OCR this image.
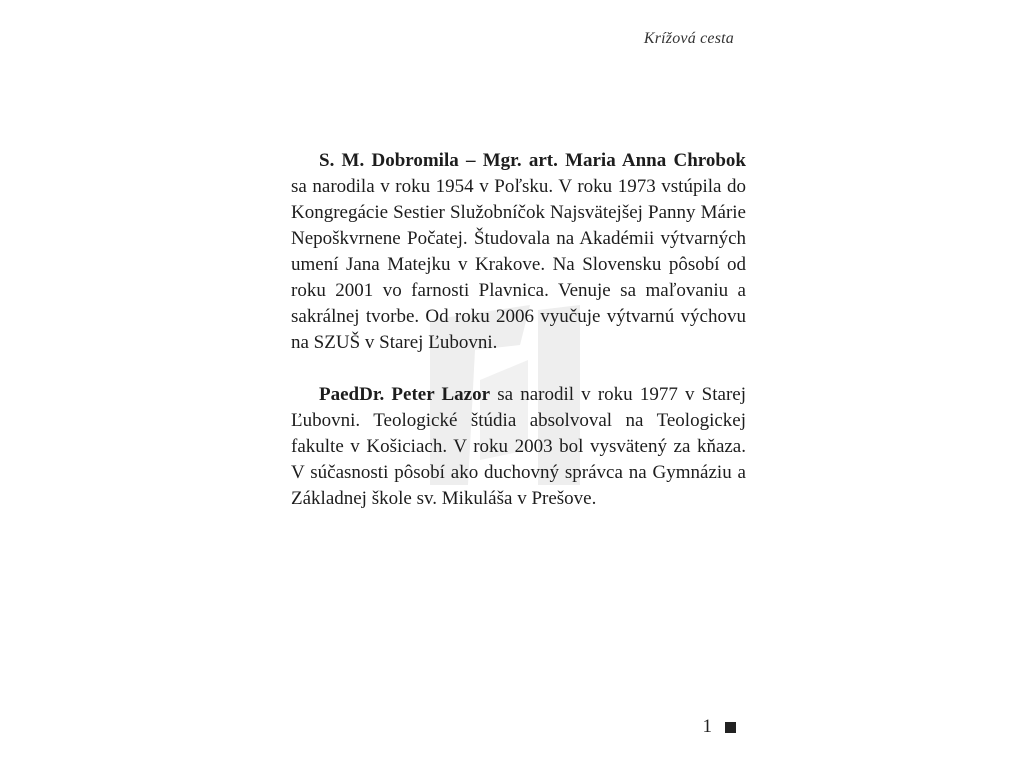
Krížová cesta

S. M. Dobromila – Mgr. art. Maria Anna Chrobok sa narodila v roku 1954 v Poľsku. V roku 1973 vstúpila do Kongregácie Sestier Služobníčok Najsvätejšej Panny Márie Nepoškvrnene Počatej. Študovala na Akadémii výtvarných umení Jana Matejku v Krakove. Na Slovensku pôsobí od roku 2001 vo farnosti Plavnica. Venuje sa maľovaniu a sakrálnej tvorbe. Od roku 2006 vyučuje výtvarnú výchovu na SZUŠ v Starej Ľubovni.

PaedDr. Peter Lazor sa narodil v roku 1977 v Starej Ľubovni. Teologické štúdia absolvoval na Teologickej fakulte v Košiciach. V roku 2003 bol vysvätený za kňaza. V súčasnosti pôsobí ako duchovný správca na Gymnáziu a Základnej škole sv. Mikuláša v Prešove.

1
